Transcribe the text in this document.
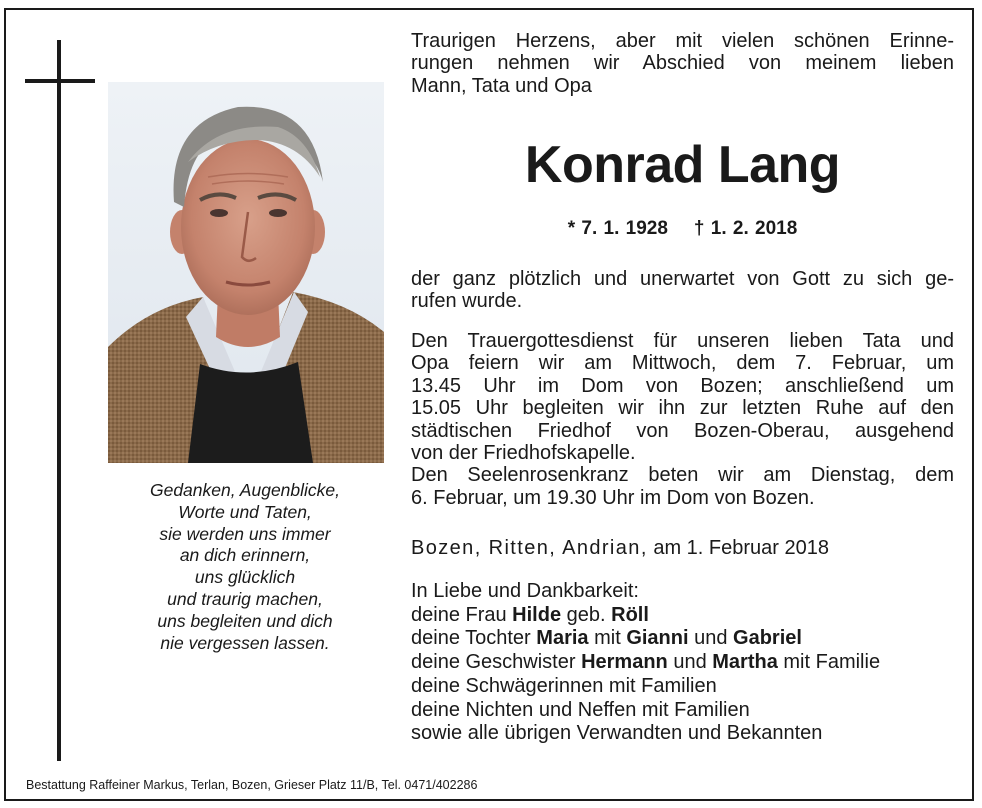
Gedanken, Augenblicke,
Worte und Taten,
sie werden uns immer
an dich erinnern,
uns glücklich
und traurig machen,
uns begleiten und dich
nie vergessen lassen.
Traurigen Herzens, aber mit vielen schönen Erinne-
rungen nehmen wir Abschied von meinem lieben
Mann, Tata und Opa
Konrad Lang
* 7. 1. 1928 † 1. 2. 2018
der ganz plötzlich und unerwartet von Gott zu sich ge-
rufen wurde.
Den Trauergottesdienst für unseren lieben Tata und
Opa feiern wir am Mittwoch, dem 7. Februar, um
13.45 Uhr im Dom von Bozen; anschließend um
15.05 Uhr begleiten wir ihn zur letzten Ruhe auf den
städtischen Friedhof von Bozen-Oberau, ausgehend
von der Friedhofskapelle.
Den Seelenrosenkranz beten wir am Dienstag, dem
6. Februar, um 19.30 Uhr im Dom von Bozen.
Bozen, Ritten, Andrian, am 1. Februar 2018
In Liebe und Dankbarkeit:
deine Frau Hilde geb. Röll
deine Tochter Maria mit Gianni und Gabriel
deine Geschwister Hermann und Martha mit Familie
deine Schwägerinnen mit Familien
deine Nichten und Neffen mit Familien
sowie alle übrigen Verwandten und Bekannten
Bestattung Raffeiner Markus, Terlan, Bozen, Grieser Platz 11/B, Tel. 0471/402286
